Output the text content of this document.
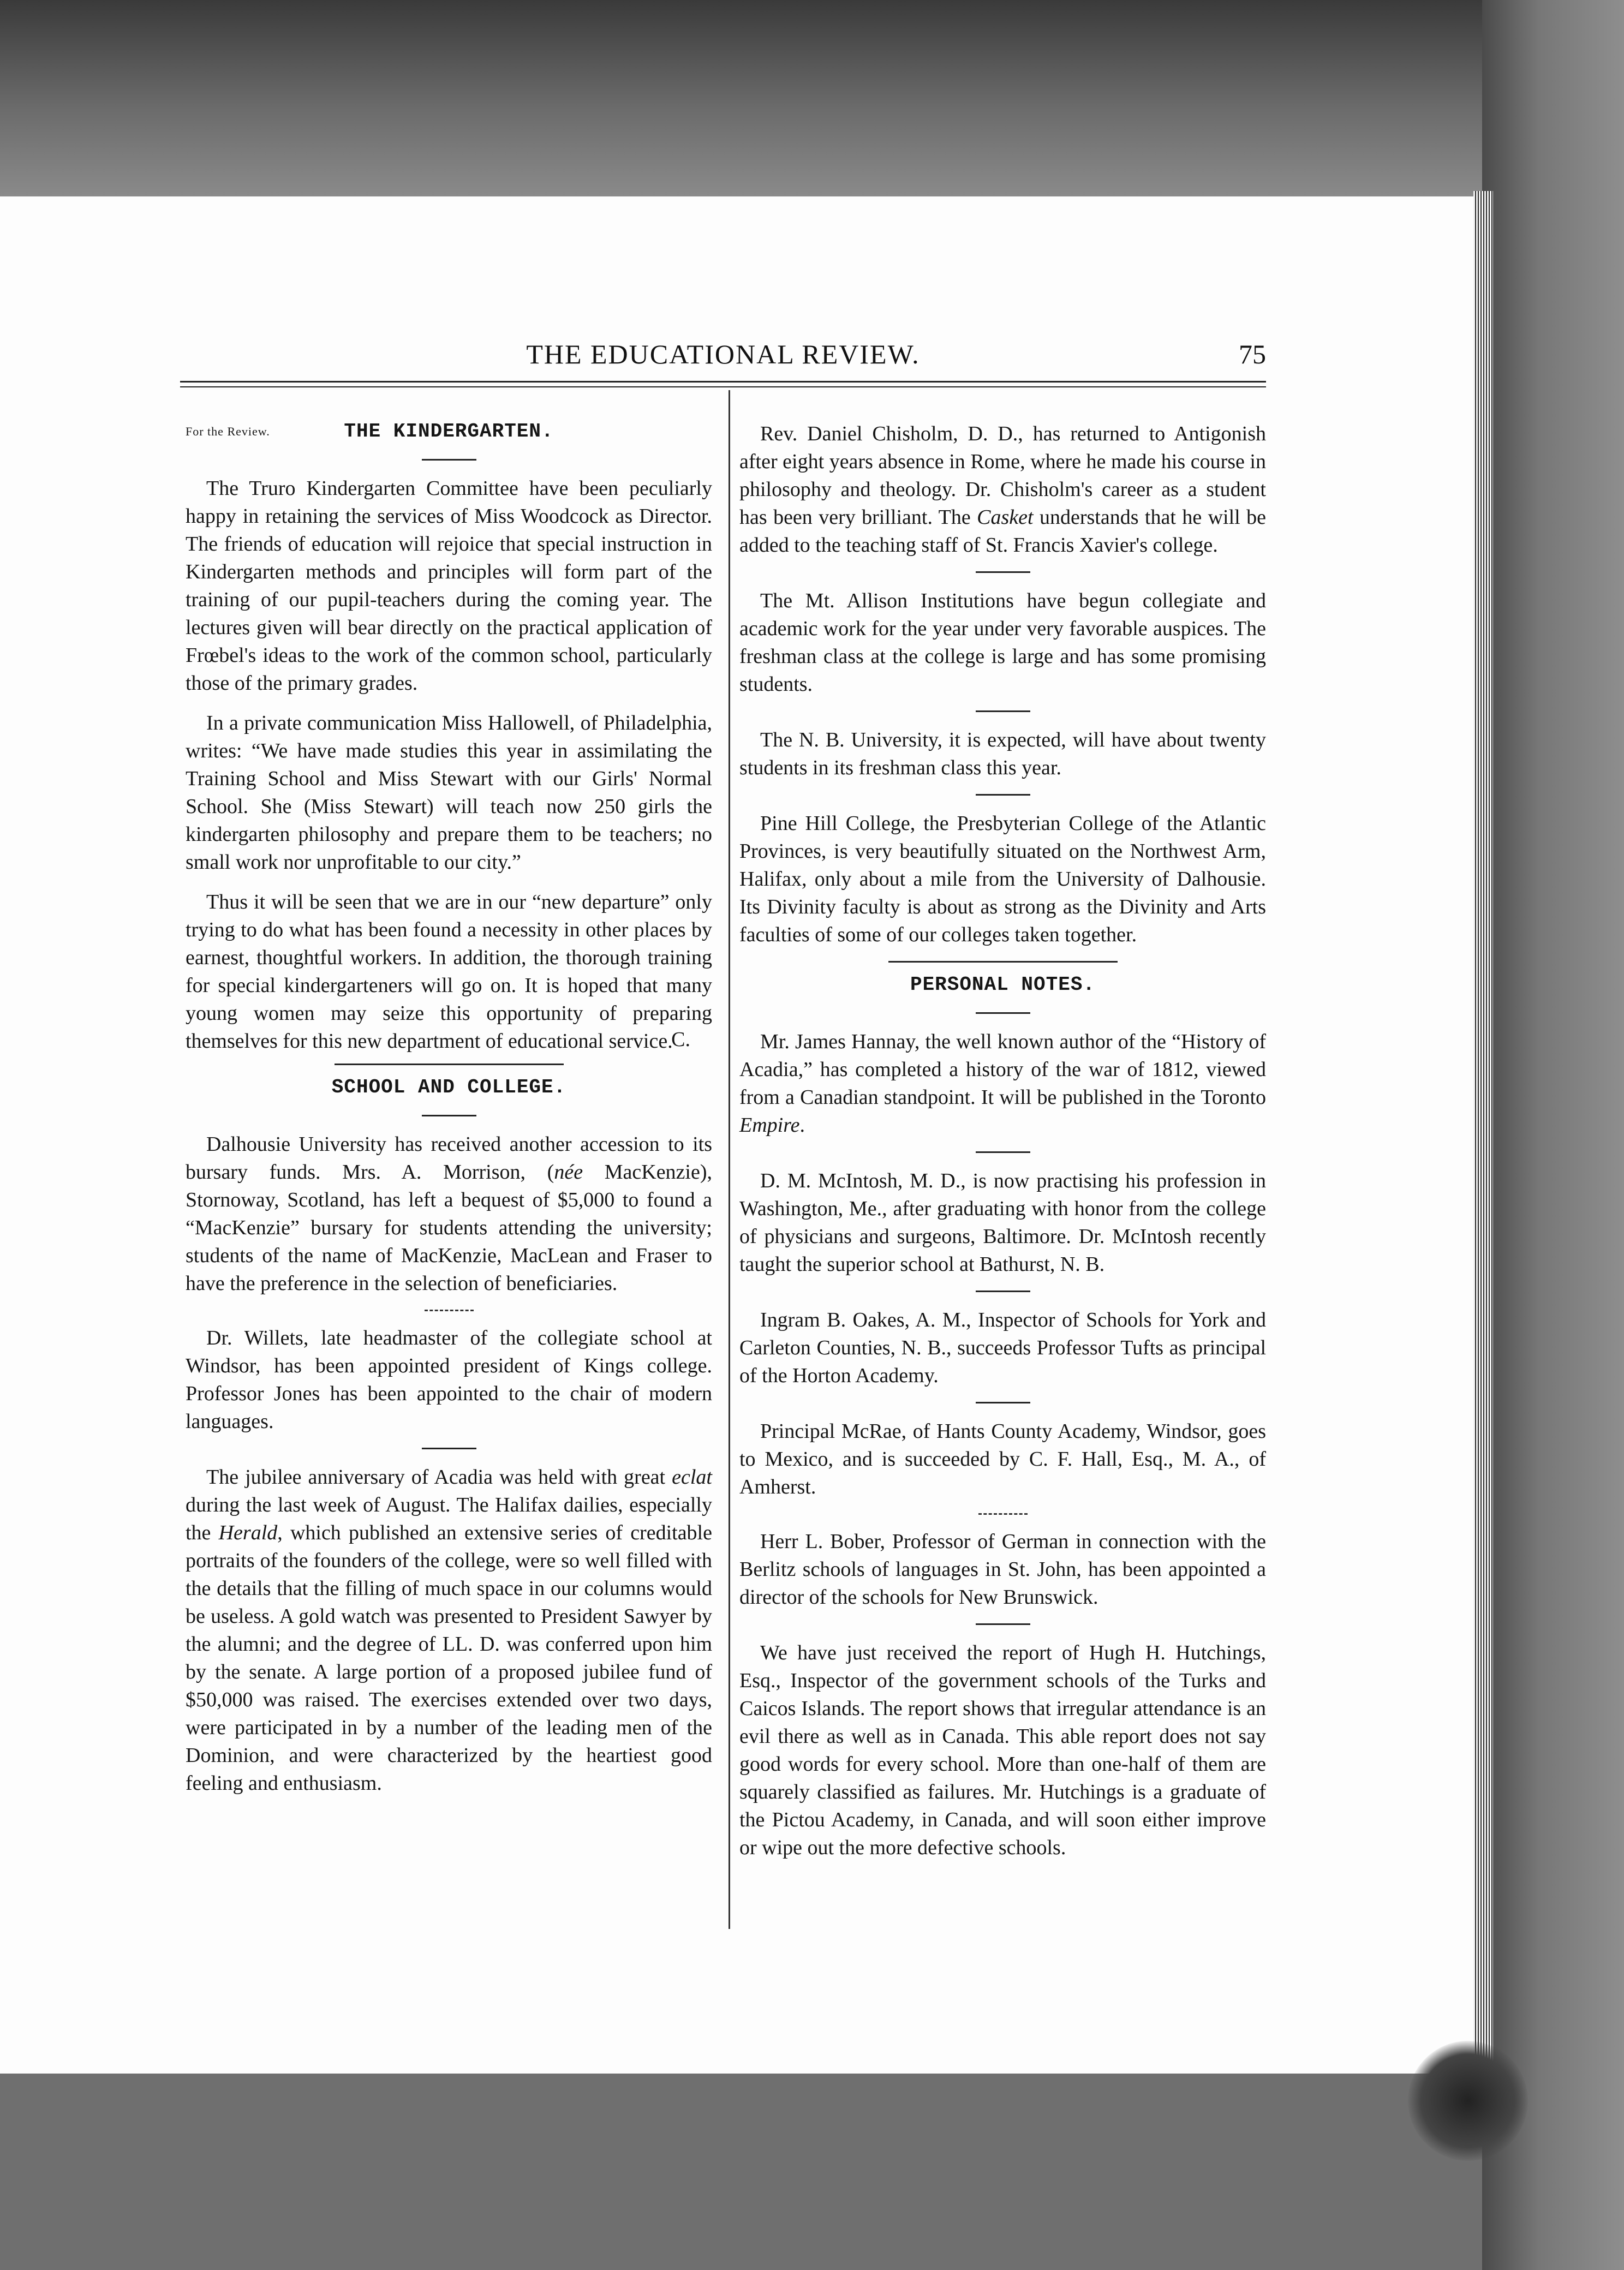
THE EDUCATIONAL REVIEW.	75
For the Review.	THE KINDERGARTEN.

The Truro Kindergarten Committee have been peculiarly happy in retaining the services of Miss Woodcock as Director. The friends of education will rejoice that special instruction in Kindergarten methods and principles will form part of the training of our pupil-teachers during the coming year. The lectures given will bear directly on the practical application of Frœbel's ideas to the work of the common school, particularly those of the primary grades.

In a private communication Miss Hallowell, of Philadelphia, writes: “We have made studies this year in assimilating the Training School and Miss Stewart with our Girls' Normal School. She (Miss Stewart) will teach now 250 girls the kindergarten philosophy and prepare them to be teachers; no small work nor unprofitable to our city.”

Thus it will be seen that we are in our “new departure” only trying to do what has been found a necessity in other places by earnest, thoughtful workers. In addition, the thorough training for special kindergarteners will go on. It is hoped that many young women may seize this opportunity of preparing themselves for this new department of educational service.

C.
SCHOOL AND COLLEGE.

Dalhousie University has received another accession to its bursary funds. Mrs. A. Morrison, (née MacKenzie), Stornoway, Scotland, has left a bequest of $5,000 to found a “MacKenzie” bursary for students attending the university; students of the name of MacKenzie, MacLean and Fraser to have the preference in the selection of beneficiaries.

Dr. Willets, late headmaster of the collegiate school at Windsor, has been appointed president of Kings college. Professor Jones has been appointed to the chair of modern languages.

The jubilee anniversary of Acadia was held with great eclat during the last week of August. The Halifax dailies, especially the Herald, which published an extensive series of creditable portraits of the founders of the college, were so well filled with the details that the filling of much space in our columns would be useless. A gold watch was presented to President Sawyer by the alumni; and the degree of LL. D. was conferred upon him by the senate. A large portion of a proposed jubilee fund of $50,000 was raised. The exercises extended over two days, were participated in by a number of the leading men of the Dominion, and were characterized by the heartiest good feeling and enthusiasm.

Rev. Daniel Chisholm, D. D., has returned to Antigonish after eight years absence in Rome, where he made his course in philosophy and theology. Dr. Chisholm's career as a student has been very brilliant. The Casket understands that he will be added to the teaching staff of St. Francis Xavier's college.

The Mt. Allison Institutions have begun collegiate and academic work for the year under very favorable auspices. The freshman class at the college is large and has some promising students.

The N. B. University, it is expected, will have about twenty students in its freshman class this year.

Pine Hill College, the Presbyterian College of the Atlantic Provinces, is very beautifully situated on the Northwest Arm, Halifax, only about a mile from the University of Dalhousie. Its Divinity faculty is about as strong as the Divinity and Arts faculties of some of our colleges taken together.

PERSONAL NOTES.

Mr. James Hannay, the well known author of the “History of Acadia,” has completed a history of the war of 1812, viewed from a Canadian standpoint. It will be published in the Toronto Empire.

D. M. McIntosh, M. D., is now practising his profession in Washington, Me., after graduating with honor from the college of physicians and surgeons, Baltimore. Dr. McIntosh recently taught the superior school at Bathurst, N. B.

Ingram B. Oakes, A. M., Inspector of Schools for York and Carleton Counties, N. B., succeeds Professor Tufts as principal of the Horton Academy.

Principal McRae, of Hants County Academy, Windsor, goes to Mexico, and is succeeded by C. F. Hall, Esq., M. A., of Amherst.

Herr L. Bober, Professor of German in connection with the Berlitz schools of languages in St. John, has been appointed a director of the schools for New Brunswick.

We have just received the report of Hugh H. Hutchings, Esq., Inspector of the government schools of the Turks and Caicos Islands. The report shows that irregular attendance is an evil there as well as in Canada. This able report does not say good words for every school. More than one-half of them are squarely classified as failures. Mr. Hutchings is a graduate of the Pictou Academy, in Canada, and will soon either improve or wipe out the more defective schools.
